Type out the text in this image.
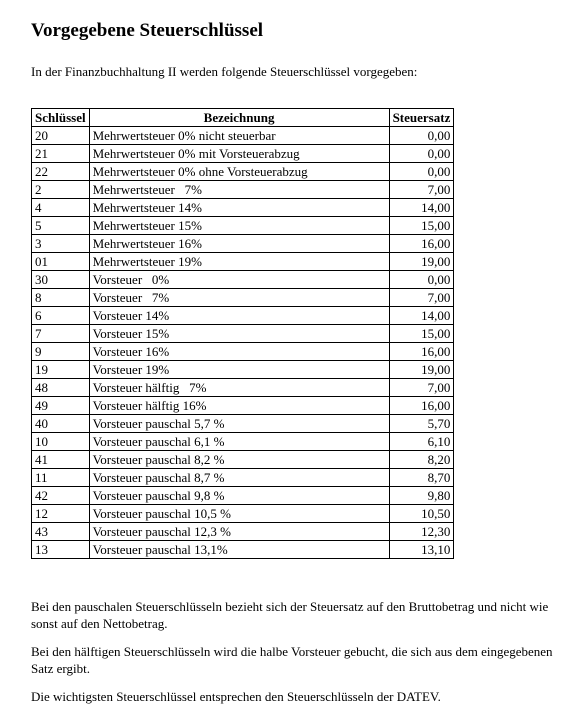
Vorgegebene Steuerschlüssel

In der Finanzbuchhaltung II werden folgende Steuerschlüssel vorgegeben:

Schlüssel	Bezeichnung	Steuersatz
20	Mehrwertsteuer 0% nicht steuerbar	0,00
21	Mehrwertsteuer 0% mit Vorsteuerabzug	0,00
22	Mehrwertsteuer 0% ohne Vorsteuerabzug	0,00
2	Mehrwertsteuer   7%	7,00
4	Mehrwertsteuer 14%	14,00
5	Mehrwertsteuer 15%	15,00
3	Mehrwertsteuer 16%	16,00
01	Mehrwertsteuer 19%	19,00
30	Vorsteuer   0%	0,00
8	Vorsteuer   7%	7,00
6	Vorsteuer 14%	14,00
7	Vorsteuer 15%	15,00
9	Vorsteuer 16%	16,00
19	Vorsteuer 19%	19,00
48	Vorsteuer hälftig   7%	7,00
49	Vorsteuer hälftig 16%	16,00
40	Vorsteuer pauschal 5,7 %	5,70
10	Vorsteuer pauschal 6,1 %	6,10
41	Vorsteuer pauschal 8,2 %	8,20
11	Vorsteuer pauschal 8,7 %	8,70
42	Vorsteuer pauschal 9,8 %	9,80
12	Vorsteuer pauschal 10,5 %	10,50
43	Vorsteuer pauschal 12,3 %	12,30
13	Vorsteuer pauschal 13,1%	13,10

Bei den pauschalen Steuerschlüsseln bezieht sich der Steuersatz auf den Bruttobetrag und nicht wie sonst auf den Nettobetrag.

Bei den hälftigen Steuerschlüsseln wird die halbe Vorsteuer gebucht, die sich aus dem eingegebenen Satz ergibt.

Die wichtigsten Steuerschlüssel entsprechen den Steuerschlüsseln der DATEV.
